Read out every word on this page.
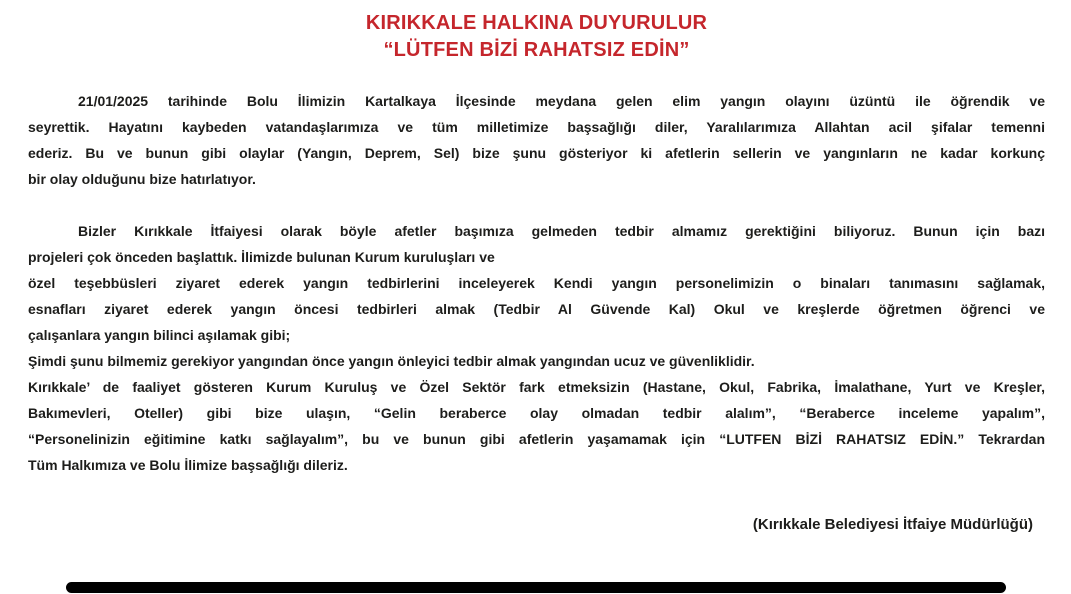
KIRIKKALE HALKINA DUYURULUR
“LÜTFEN BİZİ RAHATSIZ EDİN”
21/01/2025 tarihinde Bolu İlimizin Kartalkaya İlçesinde meydana gelen elim yangın olayını üzüntü ile öğrendik ve
seyrettik. Hayatını kaybeden vatandaşlarımıza ve tüm milletimize başsağlığı diler, Yaralılarımıza Allahtan acil şifalar temenni
ederiz. Bu ve bunun gibi olaylar (Yangın, Deprem, Sel) bize şunu gösteriyor ki afetlerin sellerin ve yangınların ne kadar korkunç
bir olay olduğunu bize hatırlatıyor.
Bizler Kırıkkale İtfaiyesi olarak böyle afetler başımıza gelmeden tedbir almamız gerektiğini biliyoruz. Bunun için bazı
projeleri çok önceden başlattık. İlimizde bulunan Kurum kuruluşları ve
özel teşebbüsleri ziyaret ederek yangın tedbirlerini inceleyerek Kendi yangın personelimizin o binaları tanımasını sağlamak,
esnafları ziyaret ederek yangın öncesi tedbirleri almak (Tedbir Al Güvende Kal) Okul ve kreşlerde öğretmen öğrenci ve
çalışanlara yangın bilinci aşılamak gibi;
Şimdi şunu bilmemiz gerekiyor yangından önce yangın önleyici tedbir almak yangından ucuz ve güvenliklidir.
Kırıkkale’ de faaliyet gösteren Kurum Kuruluş ve Özel Sektör fark etmeksizin (Hastane, Okul, Fabrika, İmalathane, Yurt ve Kreşler,
Bakımevleri, Oteller) gibi bize ulaşın, “Gelin beraberce olay olmadan tedbir alalım”, “Beraberce inceleme yapalım”,
“Personelinizin eğitimine katkı sağlayalım”, bu ve bunun gibi afetlerin yaşamamak için “LUTFEN BİZİ RAHATSIZ EDİN.” Tekrardan
Tüm Halkımıza ve Bolu İlimize başsağlığı dileriz.
(Kırıkkale Belediyesi İtfaiye Müdürlüğü)
